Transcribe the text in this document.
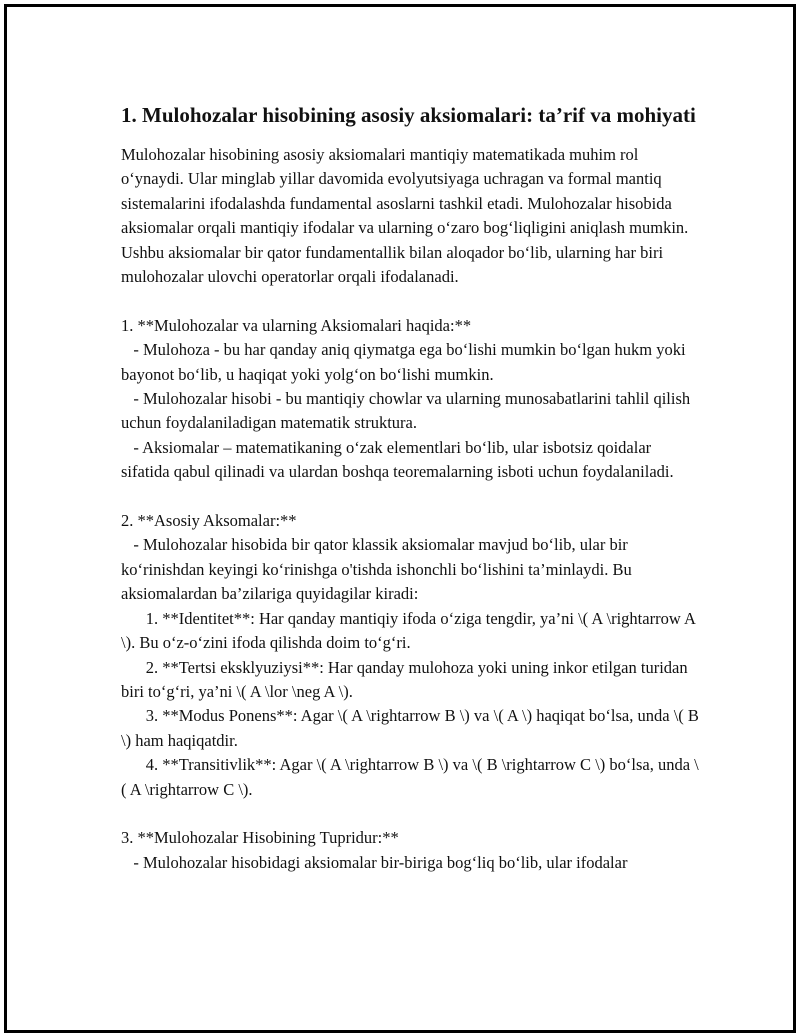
1. Mulohozalar hisobining asosiy aksiomalari: ta’rif va mohiyati

Mulohozalar hisobining asosiy aksiomalari mantiqiy matematikada muhim rol o‘ynaydi. Ular minglab yillar davomida evolyutsiyaga uchragan va formal mantiq sistemalarini ifodalashda fundamental asoslarni tashkil etadi. Mulohozalar hisobida aksiomalar orqali mantiqiy ifodalar va ularning o‘zaro bog‘liqligini aniqlash mumkin. Ushbu aksiomalar bir qator fundamentallik bilan aloqador bo‘lib, ularning har biri mulohozalar ulovchi operatorlar orqali ifodalanadi.

1. **Mulohozalar va ularning Aksiomalari haqida:**

- Mulohoza - bu har qanday aniq qiymatga ega bo‘lishi mumkin bo‘lgan hukm yoki bayonot bo‘lib, u haqiqat yoki yolg‘on bo‘lishi mumkin.

- Mulohozalar hisobi - bu mantiqiy chowlar va ularning munosabatlarini tahlil qilish uchun foydalaniladigan matematik struktura.

- Aksiomalar – matematikaning o‘zak elementlari bo‘lib, ular isbotsiz qoidalar sifatida qabul qilinadi va ulardan boshqa teoremalarning isboti uchun foydalaniladi.

2. **Asosiy Aksomalar:**

- Mulohozalar hisobida bir qator klassik aksiomalar mavjud bo‘lib, ular bir ko‘rinishdan keyingi ko‘rinishga o'tishda ishonchli bo‘lishini ta’minlaydi. Bu aksiomalardan ba’zilariga quyidagilar kiradi:

1. **Identitet**: Har qanday mantiqiy ifoda o‘ziga tengdir, ya’ni \( A \rightarrow A \). Bu o‘z-o‘zini ifoda qilishda doim to‘g‘ri.

2. **Tertsi eksklyuziysi**: Har qanday mulohoza yoki uning inkor etilgan turidan biri to‘g‘ri, ya’ni \( A \lor \neg A \).

3. **Modus Ponens**: Agar \( A \rightarrow B \) va \( A \) haqiqat bo‘lsa, unda \( B \) ham haqiqatdir.

4. **Transitivlik**: Agar \( A \rightarrow B \) va \( B \rightarrow C \) bo‘lsa, unda \( A \rightarrow C \).

3. **Mulohozalar Hisobining Tupridur:**

- Mulohozalar hisobidagi aksiomalar bir-biriga bog‘liq bo‘lib, ular ifodalar
